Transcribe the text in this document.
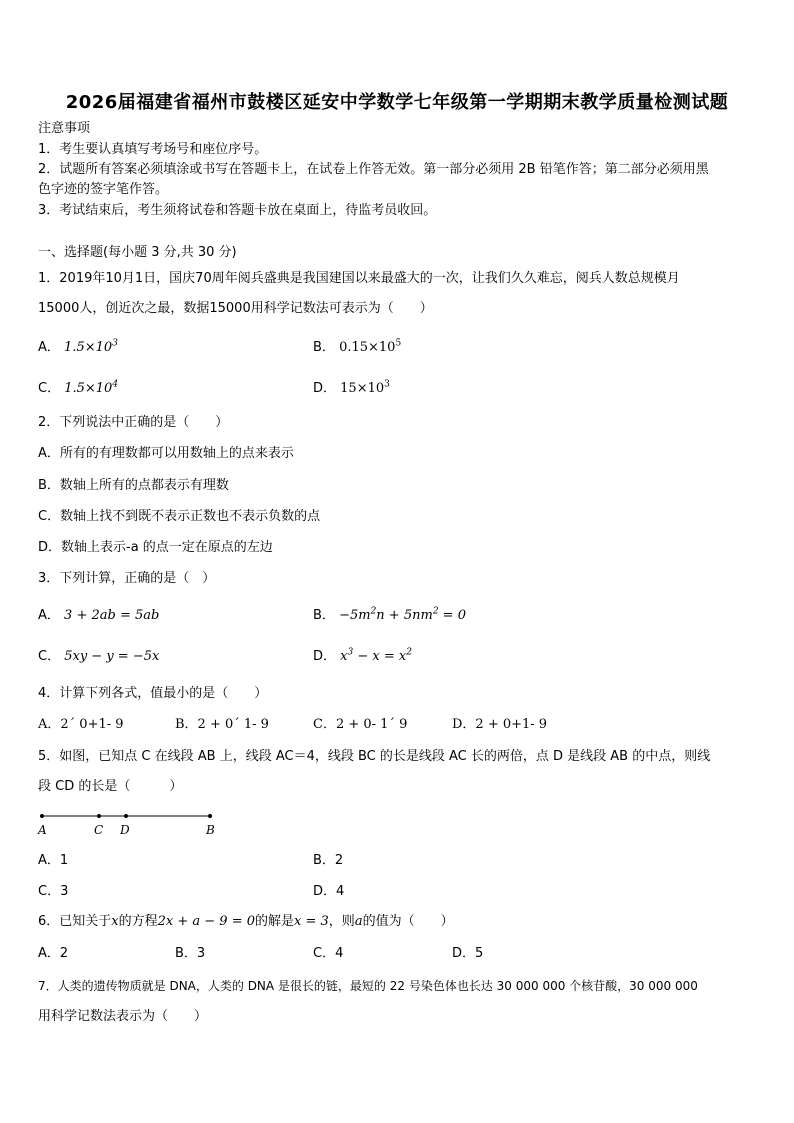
2026届福建省福州市鼓楼区延安中学数学七年级第一学期期末教学质量检测试题
注意事项
1．考生要认真填写考场号和座位序号。
2．试题所有答案必须填涂或书写在答题卡上，在试卷上作答无效。第一部分必须用 2B 铅笔作答；第二部分必须用黑
色字迹的签字笔作答。
3．考试结束后，考生须将试卷和答题卡放在桌面上，待监考员收回。
一、选择题(每小题 3 分,共 30 分)
1．2019年10月1日，国庆70周年阅兵盛典是我国建国以来最盛大的一次，让我们久久难忘，阅兵人数总规模月
15000人，创近次之最，数据15000用科学记数法可表示为（　　）
A． $1.5\times 10^3$	B． $0.15\times 10^5$
C． $1.5\times 10^4$	D． $15\times 10^3$
2．下列说法中正确的是（　　）
A．所有的有理数都可以用数轴上的点来表示
B．数轴上所有的点都表示有理数
C．数轴上找不到既不表示正数也不表示负数的点
D．数轴上表示-a 的点一定在原点的左边
3．下列计算，正确的是（　）
A． 3 + 2ab = 5ab	B． $-5m^2n + 5nm^2 = 0$
C． 5xy − y = −5x	D． $x^3 - x = x^2$
4．计算下列各式，值最小的是（　　）
A．2´ 0+1- 9	B．2 + 0´ 1- 9	C．2 + 0- 1´ 9	D．2 + 0+1- 9
5．如图，已知点 C 在线段 AB 上，线段 AC＝4，线段 BC 的长是线段 AC 长的两倍，点 D 是线段 AB 的中点，则线
段 CD 的长是（　　　）
A	C D	B
A．1	B．2
C．3	D．4
6．已知关于x的方程2x + a − 9 = 0的解是x = 3，则a的值为（　　）
A．2	B．3	C．4	D．5
7．人类的遗传物质就是 DNA，人类的 DNA 是很长的链，最短的 22 号染色体也长达 30 000 000 个核苷酸，30 000 000
用科学记数法表示为（　　）
